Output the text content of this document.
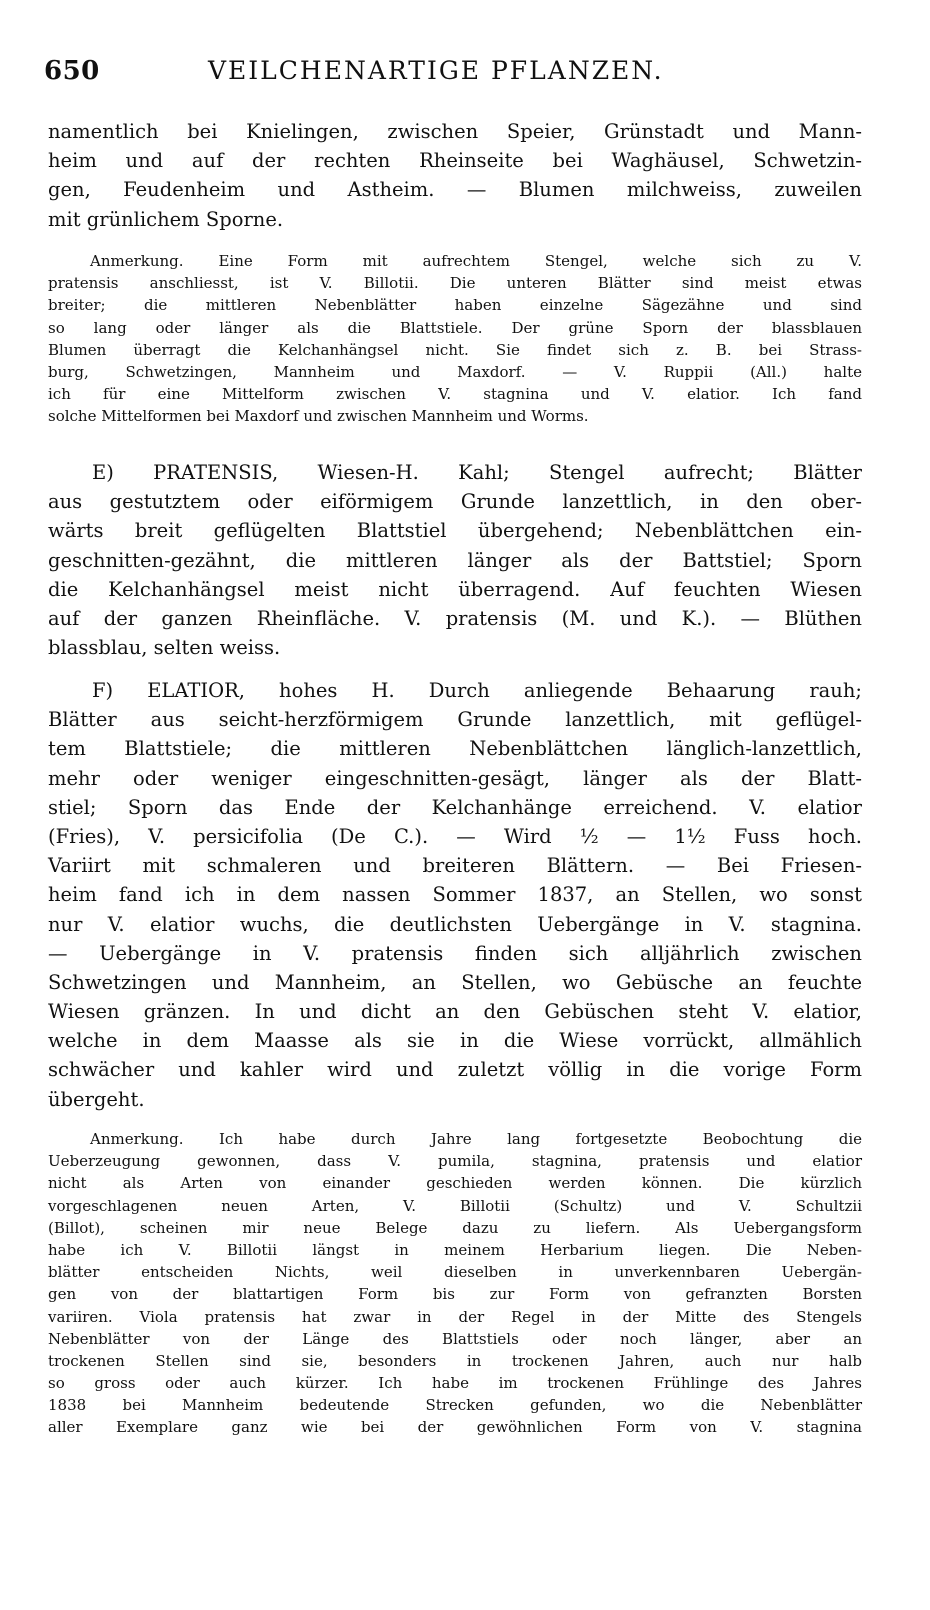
650	VEILCHENARTIGE PFLANZEN.
namentlich bei Knielingen, zwischen Speier, Grünstadt und Mann-
heim und auf der rechten Rheinseite bei Waghäusel, Schwetzin-
gen, Feudenheim und Astheim. — Blumen milchweiss, zuweilen
mit grünlichem Sporne.
Anmerkung. Eine Form mit aufrechtem Stengel, welche sich zu V.
pratensis anschliesst, ist V. Billotii. Die unteren Blätter sind meist etwas
breiter; die mittleren Nebenblätter haben einzelne Sägezähne und sind
so lang oder länger als die Blattstiele. Der grüne Sporn der blassblauen
Blumen überragt die Kelchanhängsel nicht. Sie findet sich z. B. bei Strass-
burg, Schwetzingen, Mannheim und Maxdorf. — V. Ruppii (All.) halte
ich für eine Mittelform zwischen V. stagnina und V. elatior. Ich fand
solche Mittelformen bei Maxdorf und zwischen Mannheim und Worms.
E) PRATENSIS, Wiesen-H. Kahl; Stengel aufrecht; Blätter
aus gestutztem oder eiförmigem Grunde lanzettlich, in den ober-
wärts breit geflügelten Blattstiel übergehend; Nebenblättchen ein-
geschnitten-gezähnt, die mittleren länger als der Battstiel; Sporn
die Kelchanhängsel meist nicht überragend. Auf feuchten Wiesen
auf der ganzen Rheinfläche. V. pratensis (M. und K.). — Blüthen
blassblau, selten weiss.
F) ELATIOR, hohes H. Durch anliegende Behaarung rauh;
Blätter aus seicht-herzförmigem Grunde lanzettlich, mit geflügel-
tem Blattstiele; die mittleren Nebenblättchen länglich-lanzettlich,
mehr oder weniger eingeschnitten-gesägt, länger als der Blatt-
stiel; Sporn das Ende der Kelchanhänge erreichend. V. elatior
(Fries), V. persicifolia (De C.). — Wird ½ — 1½ Fuss hoch.
Variirt mit schmaleren und breiteren Blättern. — Bei Friesen-
heim fand ich in dem nassen Sommer 1837, an Stellen, wo sonst
nur V. elatior wuchs, die deutlichsten Uebergänge in V. stagnina.
— Uebergänge in V. pratensis finden sich alljährlich zwischen
Schwetzingen und Mannheim, an Stellen, wo Gebüsche an feuchte
Wiesen gränzen. In und dicht an den Gebüschen steht V. elatior,
welche in dem Maasse als sie in die Wiese vorrückt, allmählich
schwächer und kahler wird und zuletzt völlig in die vorige Form
übergeht.
Anmerkung. Ich habe durch Jahre lang fortgesetzte Beobochtung die
Ueberzeugung gewonnen, dass V. pumila, stagnina, pratensis und elatior
nicht als Arten von einander geschieden werden können. Die kürzlich
vorgeschlagenen neuen Arten, V. Billotii (Schultz) und V. Schultzii
(Billot), scheinen mir neue Belege dazu zu liefern. Als Uebergangsform
habe ich V. Billotii längst in meinem Herbarium liegen. Die Neben-
blätter entscheiden Nichts, weil dieselben in unverkennbaren Uebergän-
gen von der blattartigen Form bis zur Form von gefranzten Borsten
variiren. Viola pratensis hat zwar in der Regel in der Mitte des Stengels
Nebenblätter von der Länge des Blattstiels oder noch länger, aber an
trockenen Stellen sind sie, besonders in trockenen Jahren, auch nur halb
so gross oder auch kürzer. Ich habe im trockenen Frühlinge des Jahres
1838 bei Mannheim bedeutende Strecken gefunden, wo die Nebenblätter
aller Exemplare ganz wie bei der gewöhnlichen Form von V. stagnina
